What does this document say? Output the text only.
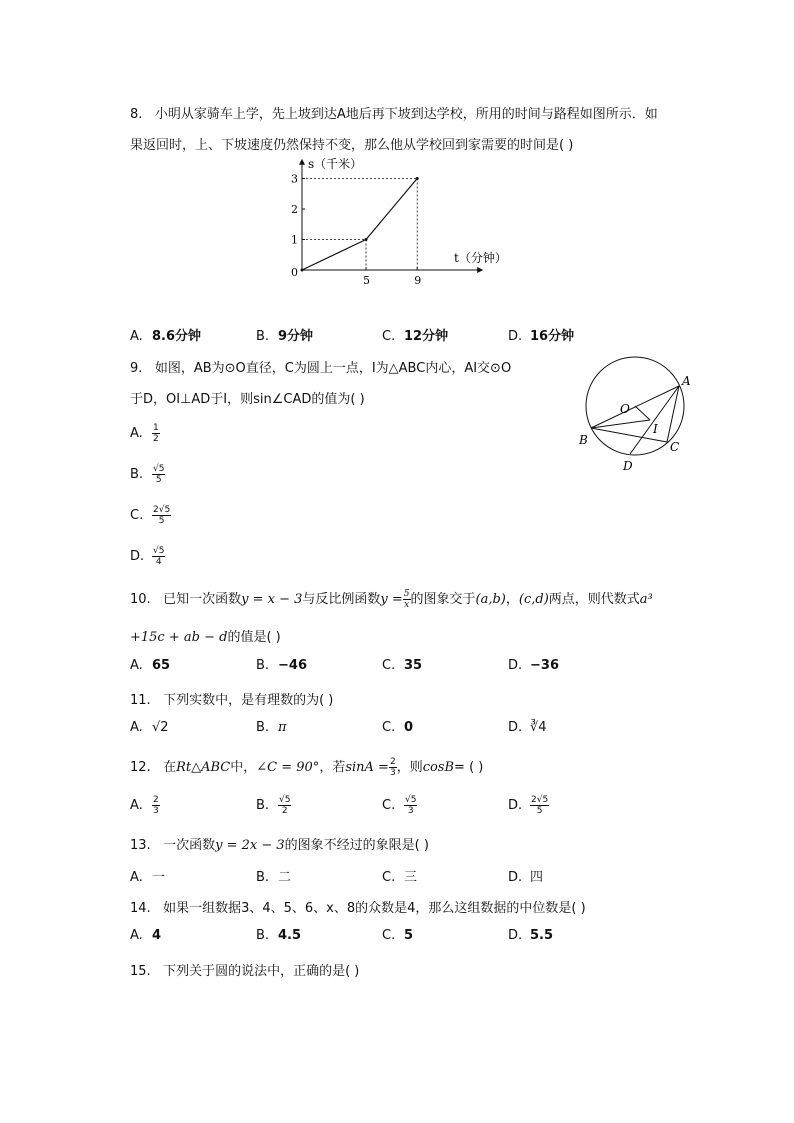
8. 小明从家骑车上学，先上坡到达A地后再下坡到达学校，所用的时间与路程如图所示．如
果返回时，上、下坡速度仍然保持不变，那么他从学校回到家需要的时间是( )
s（千米）
t（分钟）
0
1
2
3
5	9
A. 8.6分钟	B. 9分钟	C. 12分钟	D. 16分钟
9. 如图，AB为⊙O直径，C为圆上一点，I为△ABC内心，AI交⊙O
于D，OI⊥AD于I，则sin∠CAD的值为( )
A
O
I
B	C
D
A. $\frac{1}{2}$
B. $\frac{√5}{5}$
C. $\frac{2√5}{5}$
D. $\frac{√5}{4}$
10. 已知一次函数y = x − 3与反比例函数$y = \frac{5}{x}$ 的图象交于(a,b)，(c,d)两点，则代数式a³
+15c + ab − d的值是( )
A. 65	B. −46	C. 35	D. −36
11. 下列实数中，是有理数的为( )
A. √2	B. π	C. 0	D. ∛4
12. 在Rt△ABC中，∠C = 90°，若$\sin A = \frac{2}{3}$ ，则cosB= ( )
A. $\frac{2}{3}$	B. $\frac{√5}{2}$	C. $\frac{√5}{3}$	D. $\frac{2√5}{5}$
13. 一次函数y = 2x − 3的图象不经过的象限是( )
A. 一	B. 二	C. 三	D. 四
14. 如果一组数据3、4、5、6、x、8的众数是4，那么这组数据的中位数是( )
A. 4	B. 4.5	C. 5	D. 5.5
15. 下列关于圆的说法中，正确的是( )
